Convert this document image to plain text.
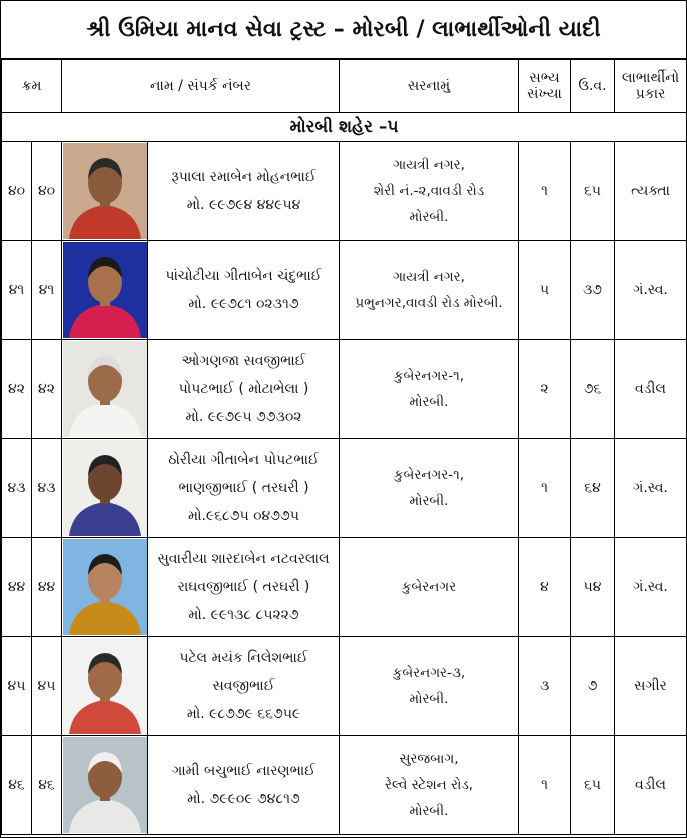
શ્રી ઉમિયા માનવ સેવા ટ્રસ્ટ – મોરબી / લાભાર્થીઓની યાદી
ક્રમ		નામ / સંપર્ક નંબર		સરનામું	સભ્ય
સંખ્યા	ઉ.વ.	લાભાર્થીનો
પ્રકાર

મોરબી શહેર –૫							
૪૦	૪૦		રૂપાલા રમાબેન મોહનભાઈ
મો. ૯૯૭૯૪ ૪૪૯૫૪	ગાયત્રી નગર,
શેરી નં.-૨,વાવડી રોડ
મોરબી.	૧	૬૫	ત્યક્તા
૪૧	૪૧		પાંચોટીયા ગીતાબેન ચંદુભાઈ
મો. ૯૯૭૮૧ ૦૨૩૧૭	ગાયત્રી નગર,
પ્રભુનગર,વાવડી રોડ મોરબી.	૫	૩૭	ગં.સ્વ.
૪૨	૪૨		ઓગણજા સવજીભાઈ
પોપટભાઈ ( મોટાભેલા )
મો. ૯૯૭૯૫ ૭૭૩૦૨	કુબેરનગર-૧,
મોરબી.	૨	૭૬	વડીલ
૪૩	૪૩		ઠોરીયા ગીતાબેન પોપટભાઈ
ભાણજીભાઈ ( તરઘરી )
મો.૯૬૮૭૫ ૦૪૭૭૫	કુબેરનગર-૧,
મોરબી.	૧	૬૪	ગં.સ્વ.
૪૪	૪૪		સુવારીયા શારદાબેન નટવરલાલ
રાઘવજીભાઈ ( તરઘરી )
મો. ૯૯૧૩૮ ૮૫૨૨૭	કુબેરનગર	૪	૫૪	ગં.સ્વ.
૪૫	૪૫		પટેલ મયંક નિલેશભાઈ
સવજીભાઈ
મો. ૯૮૭૭૯ ૬૬૭૫૯	કુબેરનગર-૩,
મોરબી.	૩	૭	સગીર
૪૬	૪૬		ગામી બચુભાઈ નારણભાઈ
મો. ૭૯૯૦૯ ૭૪૮૧૭	સુરજબાગ,
રેલ્વે સ્ટેશન રોડ,
મોરબી.	૧	૬૫	વડીલ
